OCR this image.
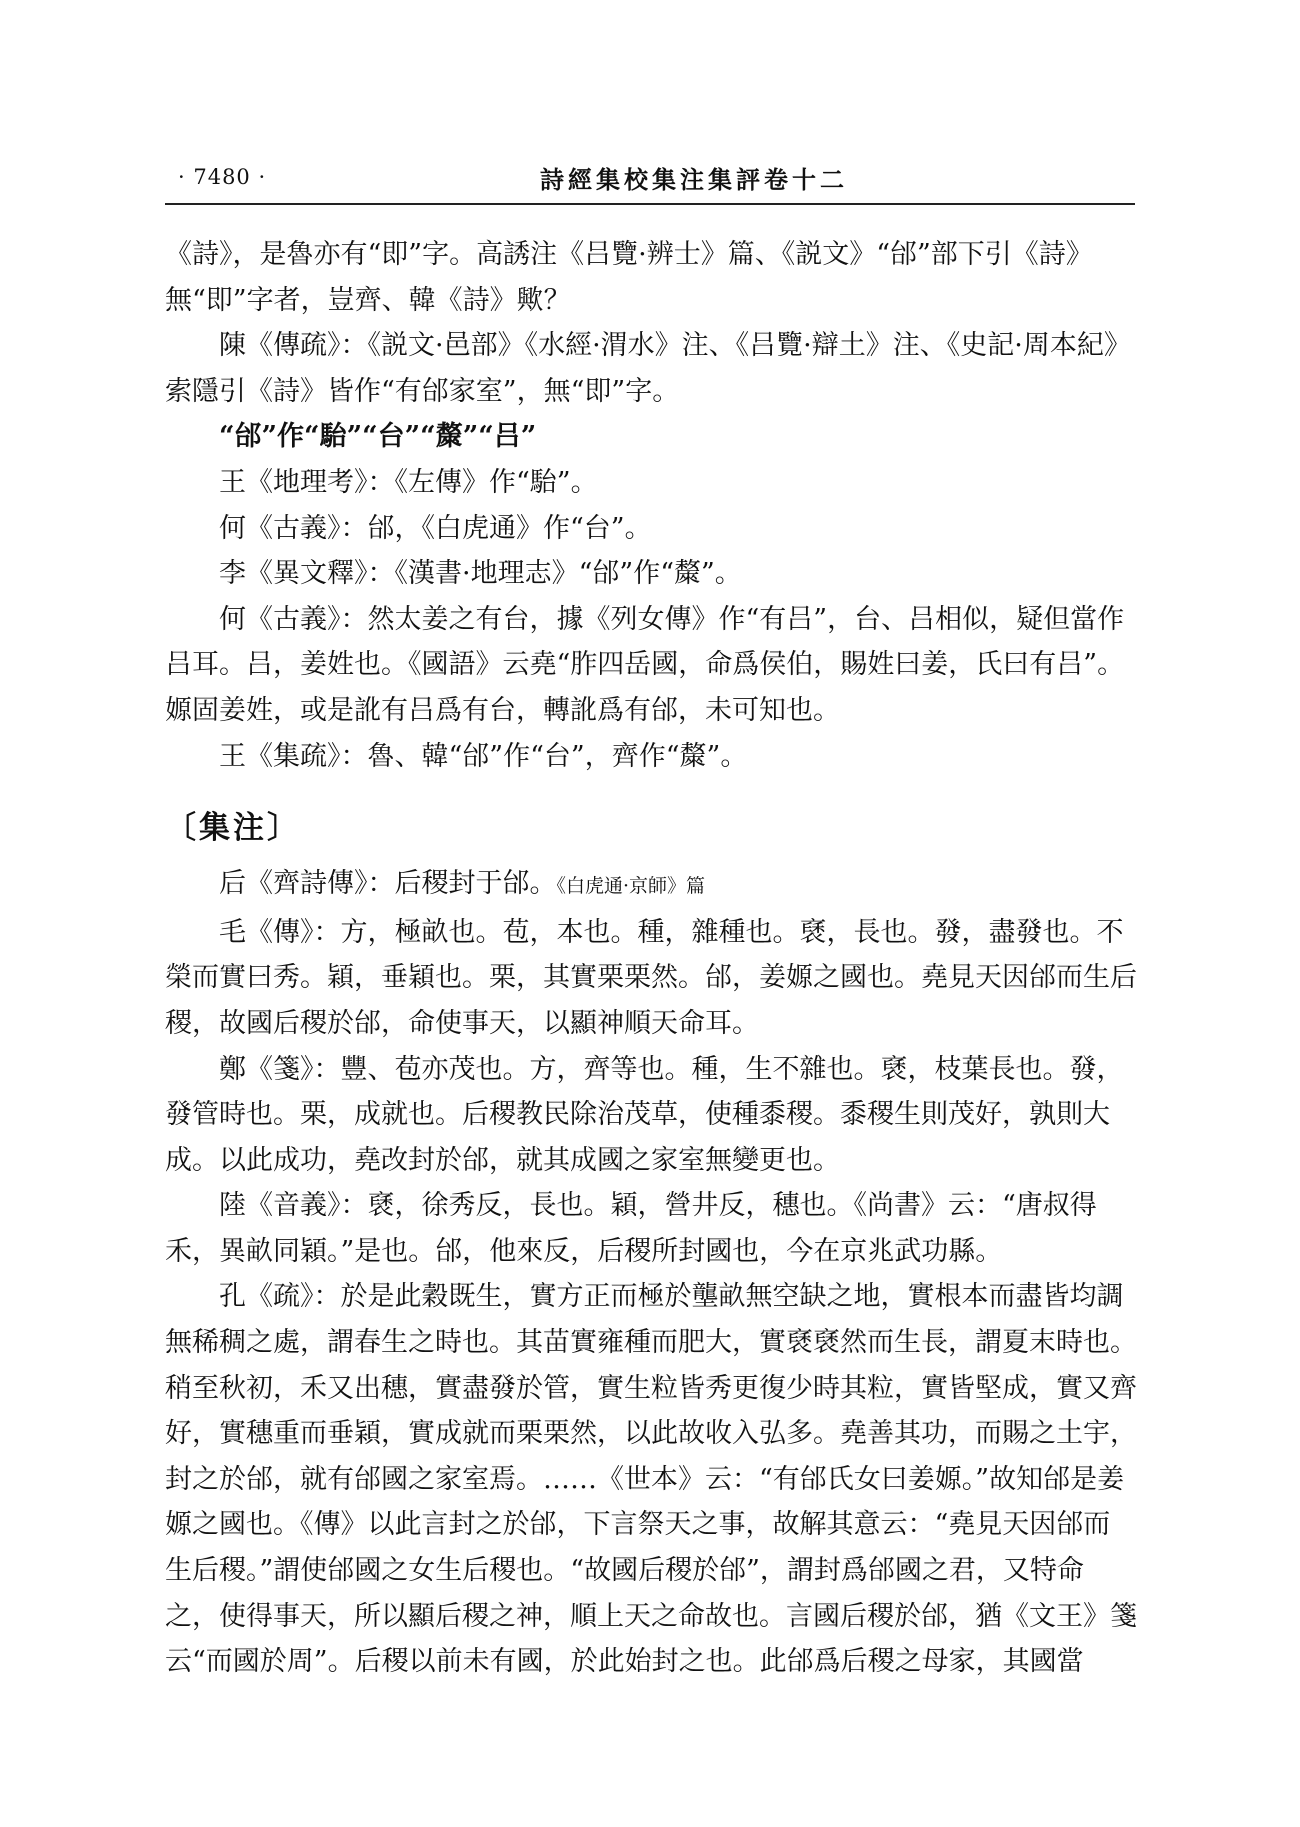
· 7480 ·	詩經集校集注集評卷十二

《詩》，是魯亦有“即”字。高誘注《吕覽·辨士》篇、《説文》“邰”部下引《詩》無“即”字者，豈齊、韓《詩》歟？

陳《傳疏》：《説文·邑部》《水經·渭水》注、《吕覽·辯土》注、《史記·周本紀》索隱引《詩》皆作“有邰家室”，無“即”字。

“邰”作“駘”“台”“斄”“吕”

王《地理考》：《左傳》作“駘”。

何《古義》：邰，《白虎通》作“台”。

李《異文釋》：《漢書·地理志》“邰”作“斄”。

何《古義》：然太姜之有台，據《列女傳》作“有吕”，台、吕相似，疑但當作吕耳。吕，姜姓也。《國語》云堯“胙四岳國，命爲侯伯，賜姓曰姜，氏曰有吕”。嫄固姜姓，或是訛有吕爲有台，轉訛爲有邰，未可知也。

王《集疏》：魯、韓“邰”作“台”，齊作“斄”。

〔集注〕

后《齊詩傳》：后稷封于邰。《白虎通·京師》篇

毛《傳》：方，極畝也。苞，本也。種，雜種也。褎，長也。發，盡發也。不榮而實曰秀。穎，垂穎也。栗，其實栗栗然。邰，姜嫄之國也。堯見天因邰而生后稷，故國后稷於邰，命使事天，以顯神順天命耳。

鄭《箋》：豐、苞亦茂也。方，齊等也。種，生不雜也。褎，枝葉長也。發，發管時也。栗，成就也。后稷教民除治茂草，使種黍稷。黍稷生則茂好，孰則大成。以此成功，堯改封於邰，就其成國之家室無變更也。

陸《音義》：褎，徐秀反，長也。穎，營井反，穗也。《尚書》云：“唐叔得禾，異畝同穎。”是也。邰，他來反，后稷所封國也，今在京兆武功縣。

孔《疏》：於是此穀既生，實方正而極於壟畝無空缺之地，實根本而盡皆均調無稀稠之處，謂春生之時也。其苗實雍種而肥大，實褎褎然而生長，謂夏末時也。稍至秋初，禾又出穗，實盡發於管，實生粒皆秀更復少時其粒，實皆堅成，實又齊好，實穗重而垂穎，實成就而栗栗然，以此故收入弘多。堯善其功，而賜之土宇，封之於邰，就有邰國之家室焉。……《世本》云：“有邰氏女曰姜嫄。”故知邰是姜嫄之國也。《傳》以此言封之於邰，下言祭天之事，故解其意云：“堯見天因邰而生后稷。”謂使邰國之女生后稷也。“故國后稷於邰”，謂封爲邰國之君，又特命之，使得事天，所以顯后稷之神，順上天之命故也。言國后稷於邰，猶《文王》箋云“而國於周”。后稷以前未有國，於此始封之也。此邰爲后稷之母家，其國當
